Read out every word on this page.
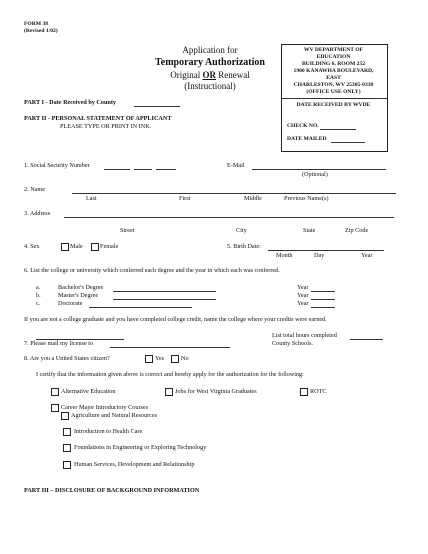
FORM 38
(Revised 1/02)
Application for
Temporary Authorization
Original OR Renewal
(Instructional)
WV DEPARTMENT OF
EDUCATION
BUILDING 6, ROOM 252
1900 KANAWHA BOULEVARD,
EAST
CHARLESTON, WV 25305-0330
(OFFICE USE ONLY)
DATE RECEIVED BY WVDE
CHECK NO.
DATE MAILED
PART I - Date Received by County
PART II - PERSONAL STATEMENT OF APPLICANT
PLEASE TYPE OR PRINT IN INK.
1. Social Security Number	E-Mail
(Optional)
2. Name
Last	First	Middle	Previous Name(s)
3. Address
Street	City	State	Zip Code
4. Sex	Male	Female	5. Birth Date:
Month	Day	Year
6. List the college or university which conferred each degree and the year in which each was conferred.
a.	Bachelor's Degree	Year
b.	Master's Degree	Year
c.	Doctorate	Year
If you are not a college graduate and you have completed college credit, name the college where your credits were earned.
List total hours completed
7. Please mail my license to	County Schools.
8. Are you a United States citizen?	Yes	No
I certify that the information given above is correct and hereby apply for the authorization for the following:
Alternative Education	Jobs for West Virginia Graduates	ROTC
Career Major Introductory Courses
Agriculture and Natural Resources
Introduction to Health Care
Foundations in Engineering or Exploring Technology
Human Services, Development and Relationship
PART III – DISCLOSURE OF BACKGROUND INFORMATION
